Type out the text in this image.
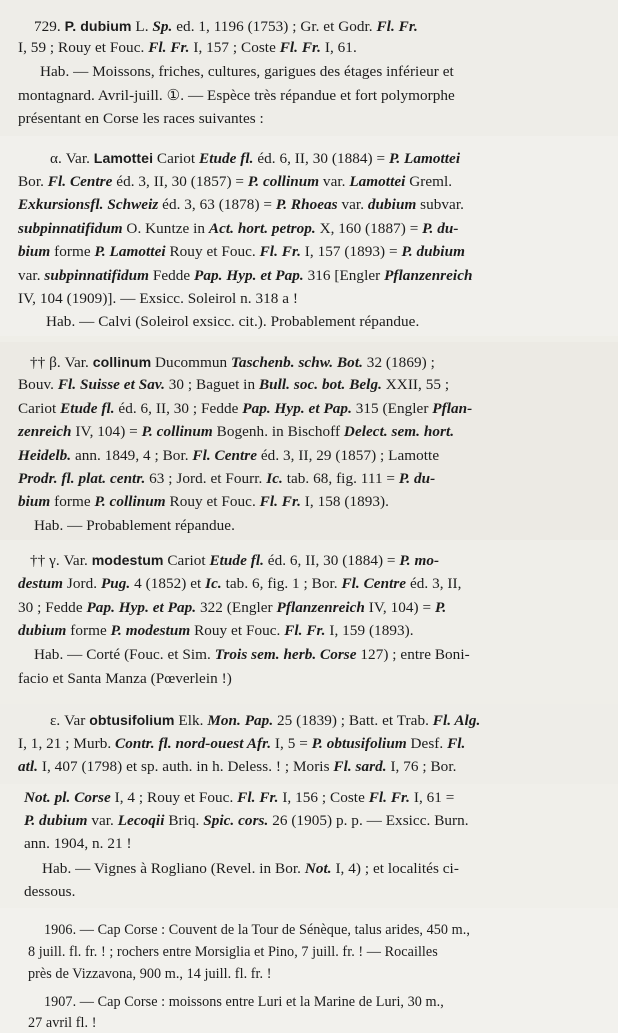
729. P. dubium L. Sp. ed. 1, 1196 (1753) ; Gr. et Godr. Fl. Fr.
I, 59 ; Rouy et Fouc. Fl. Fr. I, 157 ; Coste Fl. Fr. I, 61.
Hab. — Moissons, friches, cultures, garigues des étages inférieur et
montagnard. Avril-juill. ①. — Espèce très répandue et fort polymorphe
présentant en Corse les races suivantes :
α. Var. Lamottei Cariot Etude fl. éd. 6, II, 30 (1884) = P. Lamottei
Bor. Fl. Centre éd. 3, II, 30 (1857) = P. collinum var. Lamottei Greml.
Exkursionsfl. Schweiz éd. 3, 63 (1878) = P. Rhoeas var. dubium subvar.
subpinnatifidum O. Kuntze in Act. hort. petrop. X, 160 (1887) = P. du-
bium forme P. Lamottei Rouy et Fouc. Fl. Fr. I, 157 (1893) = P. dubium
var. subpinnatifidum Fedde Pap. Hyp. et Pap. 316 [Engler Pflanzenreich
IV, 104 (1909)]. — Exsicc. Soleirol n. 318 a !
Hab. — Calvi (Soleirol exsicc. cit.). Probablement répandue.
†† β. Var. collinum Ducommun Taschenb. schw. Bot. 32 (1869) ;
Bouv. Fl. Suisse et Sav. 30 ; Baguet in Bull. soc. bot. Belg. XXII, 55 ;
Cariot Etude fl. éd. 6, II, 30 ; Fedde Pap. Hyp. et Pap. 315 (Engler Pflan-
zenreich IV, 104) = P. collinum Bogenh. in Bischoff Delect. sem. hort.
Heidelb. ann. 1849, 4 ; Bor. Fl. Centre éd. 3, II, 29 (1857) ; Lamotte
Prodr. fl. plat. centr. 63 ; Jord. et Fourr. Ic. tab. 68, fig. 111 = P. du-
bium forme P. collinum Rouy et Fouc. Fl. Fr. I, 158 (1893).
Hab. — Probablement répandue.
†† γ. Var. modestum Cariot Etude fl. éd. 6, II, 30 (1884) = P. mo-
destum Jord. Pug. 4 (1852) et Ic. tab. 6, fig. 1 ; Bor. Fl. Centre éd. 3, II,
30 ; Fedde Pap. Hyp. et Pap. 322 (Engler Pflanzenreich IV, 104) = P.
dubium forme P. modestum Rouy et Fouc. Fl. Fr. I, 159 (1893).
Hab. — Corté (Fouc. et Sim. Trois sem. herb. Corse 127) ; entre Boni-
facio et Santa Manza (Pœverlein !)
ε. Var obtusifolium Elk. Mon. Pap. 25 (1839) ; Batt. et Trab. Fl. Alg.
I, 1, 21 ; Murb. Contr. fl. nord-ouest Afr. I, 5 = P. obtusifolium Desf. Fl.
atl. I, 407 (1798) et sp. auth. in h. Deless. ! ; Moris Fl. sard. I, 76 ; Bor.
Not. pl. Corse I, 4 ; Rouy et Fouc. Fl. Fr. I, 156 ; Coste Fl. Fr. I, 61 =
P. dubium var. Lecoqii Briq. Spic. cors. 26 (1905) p. p. — Exsicc. Burn.
ann. 1904, n. 21 !
Hab. — Vignes à Rogliano (Revel. in Bor. Not. I, 4) ; et localités ci-
dessous.
1906. — Cap Corse : Couvent de la Tour de Sénèque, talus arides, 450 m.,
8 juill. fl. fr. ! ; rochers entre Morsiglia et Pino, 7 juill. fr. ! — Rocailles
près de Vizzavona, 900 m., 14 juill. fl. fr. !
1907. — Cap Corse : moissons entre Luri et la Marine de Luri, 30 m.,
27 avril fl. !
